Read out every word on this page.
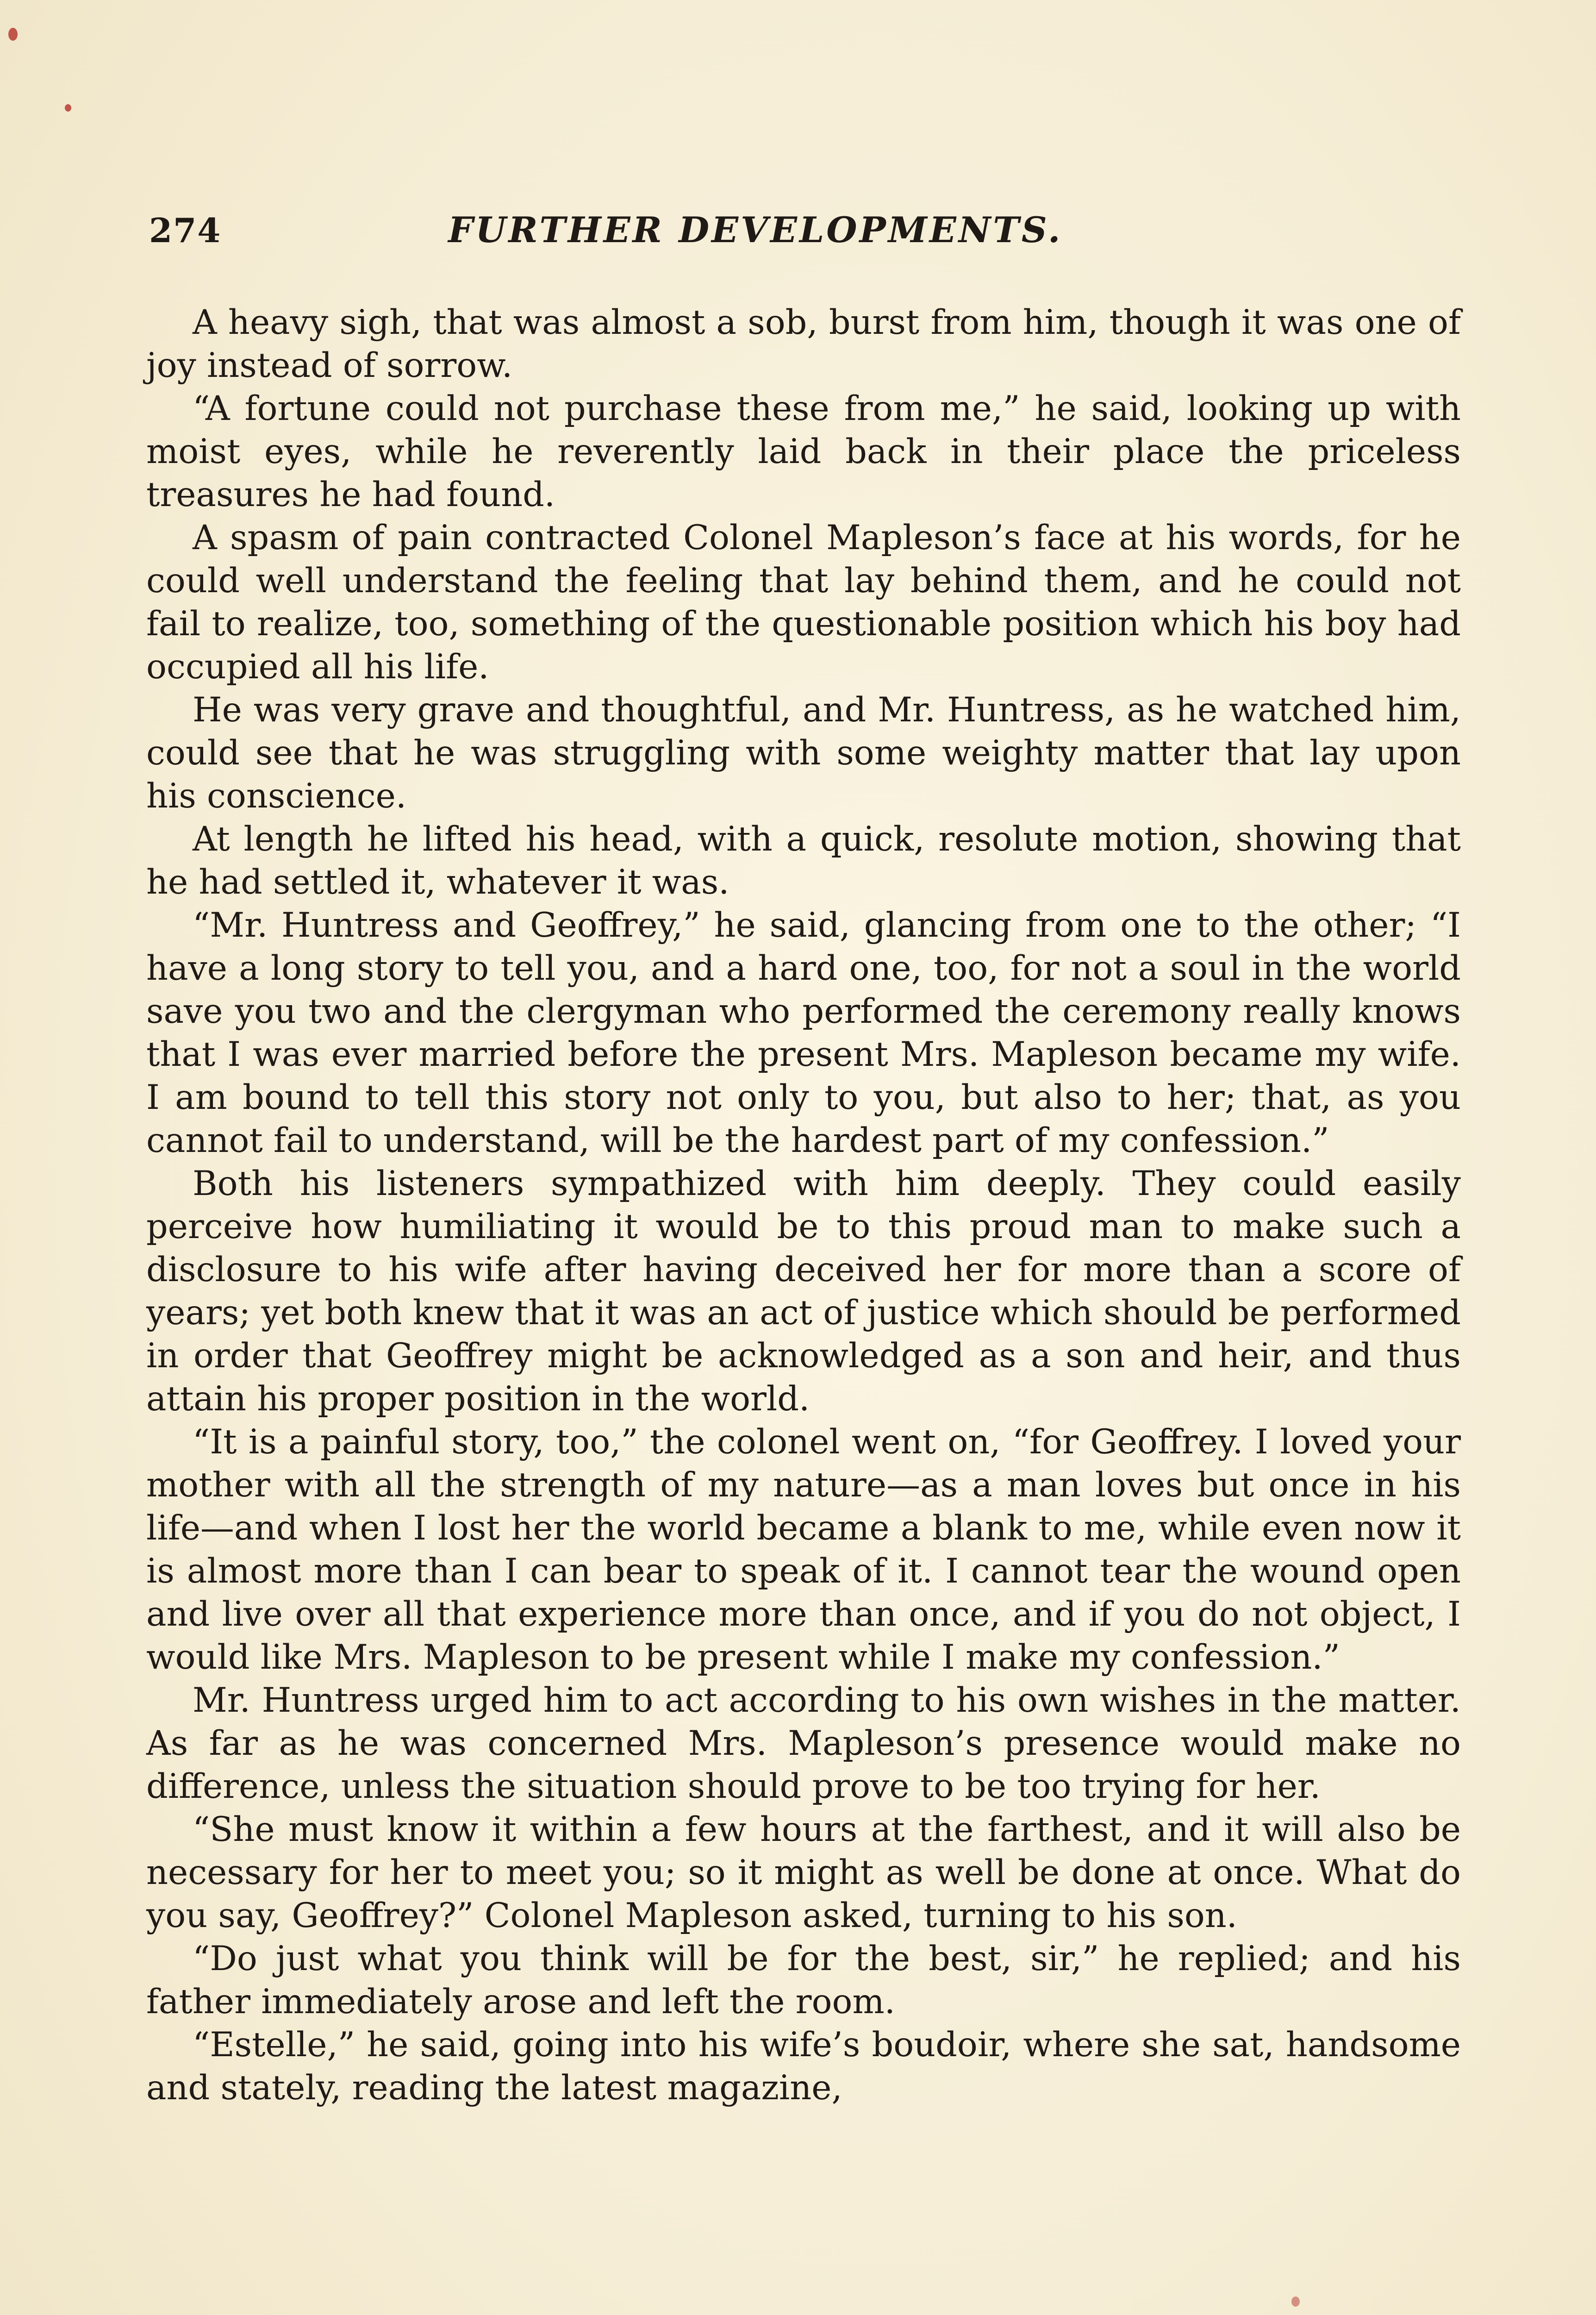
274	FURTHER DEVELOPMENTS.

A heavy sigh, that was almost a sob, burst from him, though it was one of joy instead of sorrow.

“A fortune could not purchase these from me,” he said, looking up with moist eyes, while he reverently laid back in their place the priceless treasures he had found.

A spasm of pain contracted Colonel Mapleson’s face at his words, for he could well understand the feeling that lay behind them, and he could not fail to realize, too, something of the questionable position which his boy had occupied all his life.

He was very grave and thoughtful, and Mr. Huntress, as he watched him, could see that he was struggling with some weighty matter that lay upon his conscience.

At length he lifted his head, with a quick, resolute motion, showing that he had settled it, whatever it was.

“Mr. Huntress and Geoffrey,” he said, glancing from one to the other; “I have a long story to tell you, and a hard one, too, for not a soul in the world save you two and the clergyman who performed the ceremony really knows that I was ever married before the present Mrs. Mapleson became my wife. I am bound to tell this story not only to you, but also to her; that, as you cannot fail to understand, will be the hardest part of my confession.”

Both his listeners sympathized with him deeply. They could easily perceive how humiliating it would be to this proud man to make such a disclosure to his wife after having deceived her for more than a score of years; yet both knew that it was an act of justice which should be performed in order that Geoffrey might be acknowledged as a son and heir, and thus attain his proper position in the world.

“It is a painful story, too,” the colonel went on, “for Geoffrey. I loved your mother with all the strength of my nature—as a man loves but once in his life—and when I lost her the world became a blank to me, while even now it is almost more than I can bear to speak of it. I cannot tear the wound open and live over all that experience more than once, and if you do not object, I would like Mrs. Mapleson to be present while I make my confession.”

Mr. Huntress urged him to act according to his own wishes in the matter. As far as he was concerned Mrs. Mapleson’s presence would make no difference, unless the situation should prove to be too trying for her.

“She must know it within a few hours at the farthest, and it will also be necessary for her to meet you; so it might as well be done at once. What do you say, Geoffrey?” Colonel Mapleson asked, turning to his son.

“Do just what you think will be for the best, sir,” he replied; and his father immediately arose and left the room.

“Estelle,” he said, going into his wife’s boudoir, where she sat, handsome and stately, reading the latest magazine,
